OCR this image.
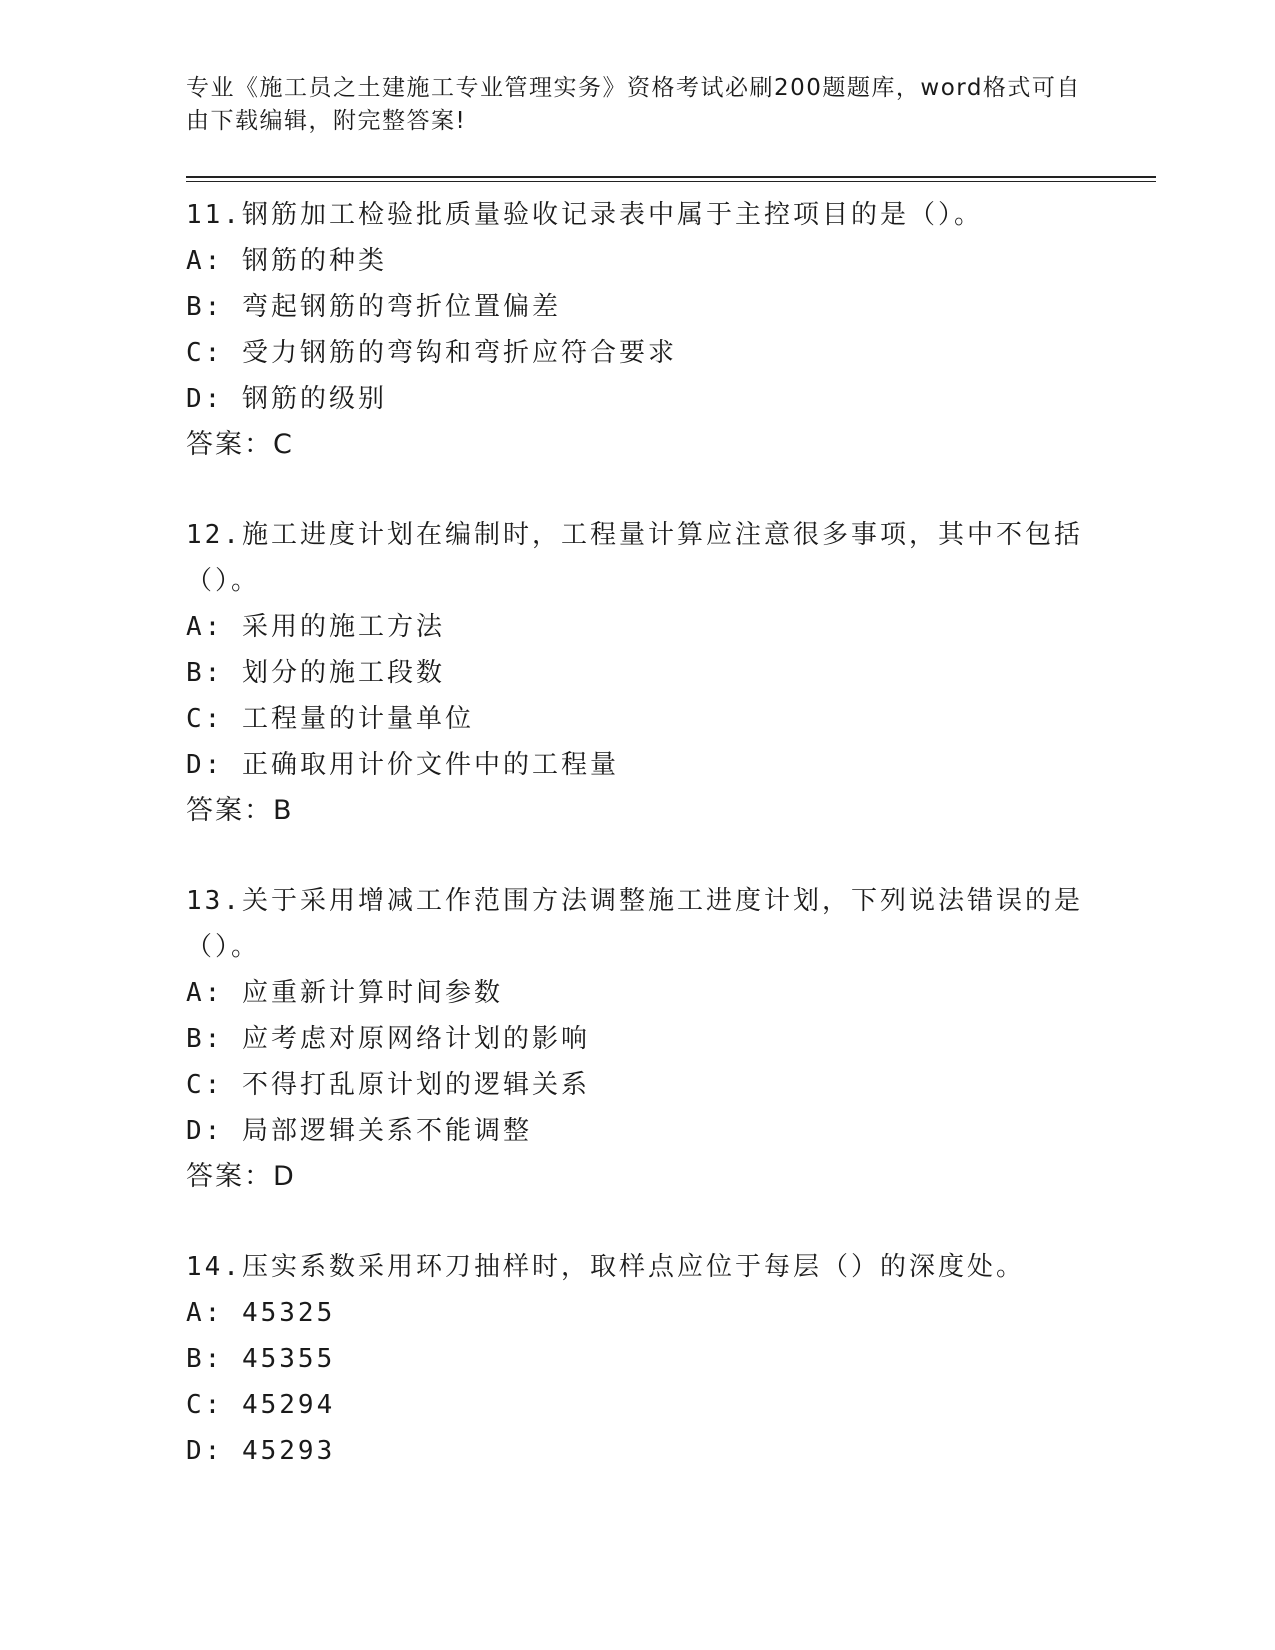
专业《施工员之土建施工专业管理实务》资格考试必刷200题题库，word格式可自由下载编辑，附完整答案!

11.钢筋加工检验批质量验收记录表中属于主控项目的是（）。

A: 钢筋的种类

B: 弯起钢筋的弯折位置偏差

C: 受力钢筋的弯钩和弯折应符合要求

D: 钢筋的级别

答案：C

12.施工进度计划在编制时，工程量计算应注意很多事项，其中不包括（）。

A: 采用的施工方法

B: 划分的施工段数

C: 工程量的计量单位

D: 正确取用计价文件中的工程量

答案：B

13.关于采用增减工作范围方法调整施工进度计划，下列说法错误的是（）。

A: 应重新计算时间参数

B: 应考虑对原网络计划的影响

C: 不得打乱原计划的逻辑关系

D: 局部逻辑关系不能调整

答案：D

14.压实系数采用环刀抽样时，取样点应位于每层（）的深度处。

A: 45325

B: 45355

C: 45294

D: 45293
